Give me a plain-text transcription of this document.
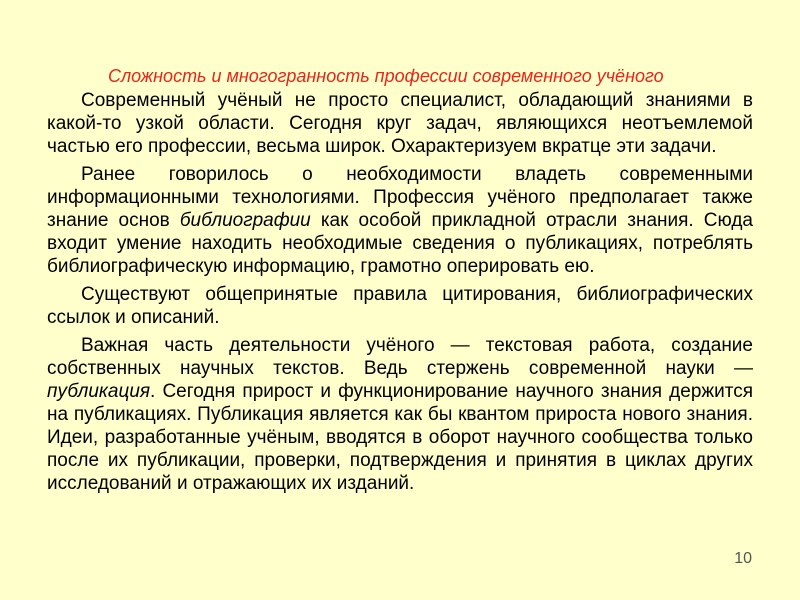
Сложность и многогранность профессии современного учёного

Современный учёный не просто специалист, обладающий знаниями в какой-то узкой области. Сегодня круг задач, являющихся неотъемлемой частью его профессии, весьма широк. Охарактеризуем вкратце эти задачи.

Ранее говорилось о необходимости владеть современными информационными технологиями. Профессия учёного предполагает также знание основ библиографии как особой прикладной отрасли знания. Сюда входит умение находить необходимые сведения о публикациях, потреблять библиографическую информацию, грамотно оперировать ею.

Существуют общепринятые правила цитирования, библиографических ссылок и описаний.

Важная часть деятельности учёного — текстовая работа, создание собственных научных текстов. Ведь стержень современной науки — публикация. Сегодня прирост и функционирование научного знания держится на публикациях. Публикация является как бы квантом прироста нового знания. Идеи, разработанные учёным, вводятся в оборот научного сообщества только после их публикации, проверки, подтверждения и принятия в циклах других исследований и отражающих их изданий.

10
